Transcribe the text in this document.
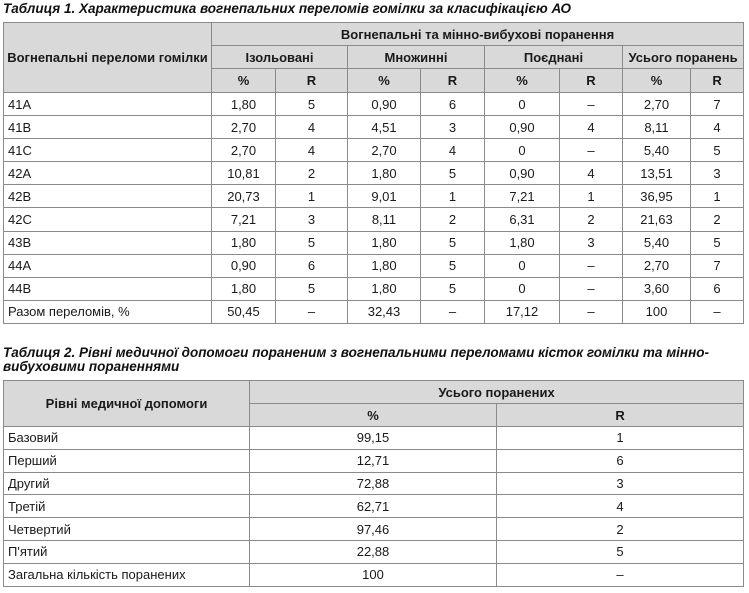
Таблиця 1. Характеристика вогнепальних переломів гомілки за класифікацією АО

Вогнепальні переломи гомілки	Вогнепальні та мінно-вибухові поранення							
	Ізольовані		Множинні		Поєднані		Усього поранень	
	%	R	%	R	%	R	%	R
41A	1,80	5	0,90	6	0	–	2,70	7
41B	2,70	4	4,51	3	0,90	4	8,11	4
41C	2,70	4	2,70	4	0	–	5,40	5
42A	10,81	2	1,80	5	0,90	4	13,51	3
42B	20,73	1	9,01	1	7,21	1	36,95	1
42C	7,21	3	8,11	2	6,31	2	21,63	2
43B	1,80	5	1,80	5	1,80	3	5,40	5
44A	0,90	6	1,80	5	0	–	2,70	7
44B	1,80	5	1,80	5	0	–	3,60	6
Разом переломів, %	50,45	–	32,43	–	17,12	–	100	–

Таблиця 2. Рівні медичної допомоги пораненим з вогнепальними переломами кісток гомілки та мінно-вибуховими пораненнями

Рівні медичної допомоги	Усього поранених	
	%	R
Базовий	99,15	1
Перший	12,71	6
Другий	72,88	3
Третій	62,71	4
Четвертий	97,46	2
П'ятий	22,88	5
Загальна кількість поранених	100	–
